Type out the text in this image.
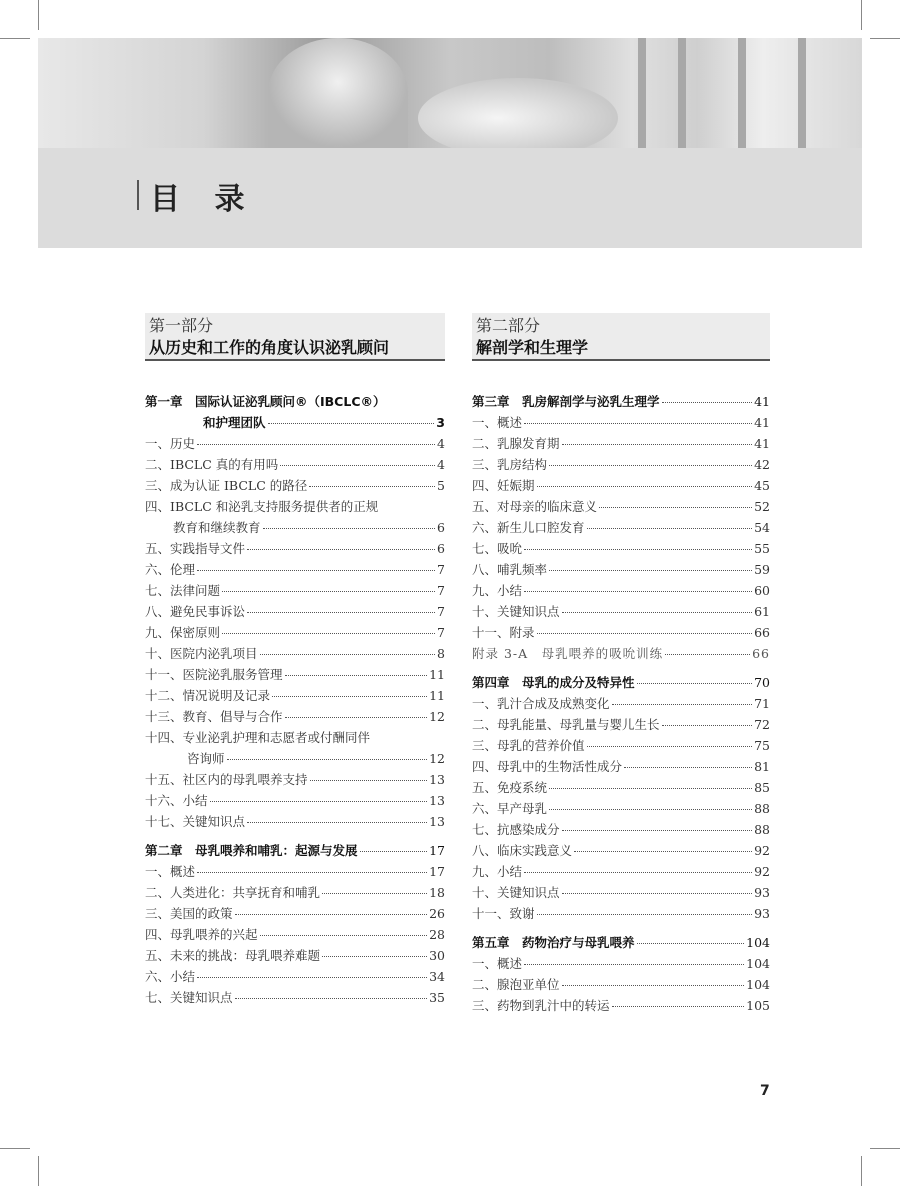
目 录
第一部分
从历史和工作的角度认识泌乳顾问
第一章　国际认证泌乳顾问®（IBCLC®）
和护理团队	3
一、历史	4
二、IBCLC 真的有用吗	4
三、成为认证 IBCLC 的路径	5
四、IBCLC 和泌乳支持服务提供者的正规
教育和继续教育	6
五、实践指导文件	6
六、伦理	7
七、法律问题	7
八、避免民事诉讼	7
九、保密原则	7
十、医院内泌乳项目	8
十一、医院泌乳服务管理	11
十二、情况说明及记录	11
十三、教育、倡导与合作	12
十四、专业泌乳护理和志愿者或付酬同伴
咨询师	12
十五、社区内的母乳喂养支持	13
十六、小结	13
十七、关键知识点	13
第二章　母乳喂养和哺乳：起源与发展	17
一、概述	17
二、人类进化：共享抚育和哺乳	18
三、美国的政策	26
四、母乳喂养的兴起	28
五、未来的挑战：母乳喂养难题	30
六、小结	34
七、关键知识点	35
第二部分
解剖学和生理学
第三章　乳房解剖学与泌乳生理学	41
一、概述	41
二、乳腺发育期	41
三、乳房结构	42
四、妊娠期	45
五、对母亲的临床意义	52
六、新生儿口腔发育	54
七、吸吮	55
八、哺乳频率	59
九、小结	60
十、关键知识点	61
十一、附录	66
附录 3-A　母乳喂养的吸吮训练	66
第四章　母乳的成分及特异性	70
一、乳汁合成及成熟变化	71
二、母乳能量、母乳量与婴儿生长	72
三、母乳的营养价值	75
四、母乳中的生物活性成分	81
五、免疫系统	85
六、早产母乳	88
七、抗感染成分	88
八、临床实践意义	92
九、小结	92
十、关键知识点	93
十一、致谢	93
第五章　药物治疗与母乳喂养	104
一、概述	104
二、腺泡亚单位	104
三、药物到乳汁中的转运	105
7
